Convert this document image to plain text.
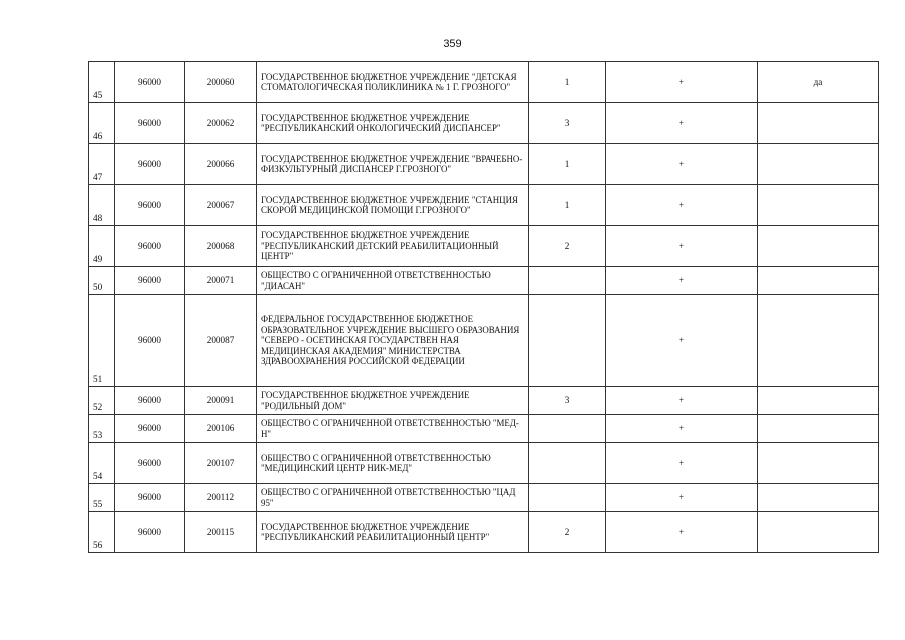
359
45	96000	200060	ГОСУДАРСТВЕННОЕ БЮДЖЕТНОЕ УЧРЕЖДЕНИЕ "ДЕТСКАЯ СТОМАТОЛОГИЧЕСКАЯ ПОЛИКЛИНИКА № 1 Г. ГРОЗНОГО"	1	+	да
46	96000	200062	ГОСУДАРСТВЕННОЕ БЮДЖЕТНОЕ УЧРЕЖДЕНИЕ "РЕСПУБЛИКАНСКИЙ ОНКОЛОГИЧЕСКИЙ ДИСПАНСЕР"	3	+	
47	96000	200066	ГОСУДАРСТВЕННОЕ БЮДЖЕТНОЕ УЧРЕЖДЕНИЕ "ВРАЧЕБНО-ФИЗКУЛЬТУРНЫЙ ДИСПАНСЕР Г.ГРОЗНОГО"	1	+	
48	96000	200067	ГОСУДАРСТВЕННОЕ БЮДЖЕТНОЕ УЧРЕЖДЕНИЕ "СТАНЦИЯ СКОРОЙ МЕДИЦИНСКОЙ ПОМОЩИ Г.ГРОЗНОГО"	1	+	
49	96000	200068	ГОСУДАРСТВЕННОЕ БЮДЖЕТНОЕ УЧРЕЖДЕНИЕ "РЕСПУБЛИКАНСКИЙ ДЕТСКИЙ РЕАБИЛИТАЦИОННЫЙ ЦЕНТР"	2	+	
50	96000	200071	ОБЩЕСТВО С ОГРАНИЧЕННОЙ ОТВЕТСТВЕННОСТЬЮ "ДИАСАН"		+	
51	96000	200087	ФЕДЕРАЛЬНОЕ ГОСУДАРСТВЕННОЕ БЮДЖЕТНОЕ ОБРАЗОВАТЕЛЬНОЕ УЧРЕЖДЕНИЕ ВЫСШЕГО ОБРАЗОВАНИЯ "СЕВЕРО - ОСЕТИНСКАЯ ГОСУДАРСТВЕН НАЯ МЕДИЦИНСКАЯ АКАДЕМИЯ" МИНИСТЕРСТВА ЗДРАВООХРАНЕНИЯ РОССИЙСКОЙ ФЕДЕРАЦИИ		+	
52	96000	200091	ГОСУДАРСТВЕННОЕ БЮДЖЕТНОЕ УЧРЕЖДЕНИЕ "РОДИЛЬНЫЙ ДОМ"	3	+	
53	96000	200106	ОБЩЕСТВО С ОГРАНИЧЕННОЙ ОТВЕТСТВЕННОСТЬЮ "МЕД-Н"		+	
54	96000	200107	ОБЩЕСТВО С ОГРАНИЧЕННОЙ ОТВЕТСТВЕННОСТЬЮ "МЕДИЦИНСКИЙ ЦЕНТР НИК-МЕД"		+	
55	96000	200112	ОБЩЕСТВО С ОГРАНИЧЕННОЙ ОТВЕТСТВЕННОСТЬЮ "ЦАД 95"		+	
56	96000	200115	ГОСУДАРСТВЕННОЕ БЮДЖЕТНОЕ УЧРЕЖДЕНИЕ "РЕСПУБЛИКАНСКИЙ РЕАБИЛИТАЦИОННЫЙ ЦЕНТР"	2	+	
